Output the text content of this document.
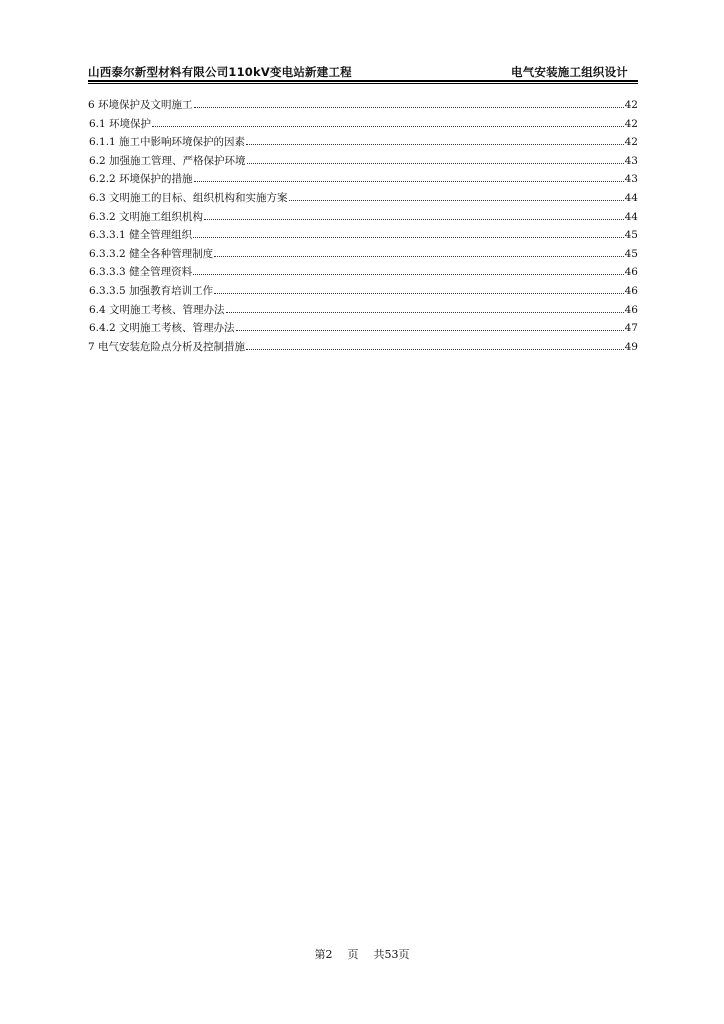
山西泰尔新型材料有限公司110kV变电站新建工程	电气安装施工组织设计
6 环境保护及文明施工	42
6.1 环境保护	42
6.1.1 施工中影响环境保护的因素	42
6.2 加强施工管理、严格保护环境	43
6.2.2 环境保护的措施	43
6.3 文明施工的目标、组织机构和实施方案	44
6.3.2 文明施工组织机构	44
6.3.3.1 健全管理组织	45
6.3.3.2 健全各种管理制度	45
6.3.3.3 健全管理资料	46
6.3.3.5 加强教育培训工作	46
6.4 文明施工考核、管理办法	46
6.4.2 文明施工考核、管理办法	47
7 电气安装危险点分析及控制措施	49
第2 页 共53页
